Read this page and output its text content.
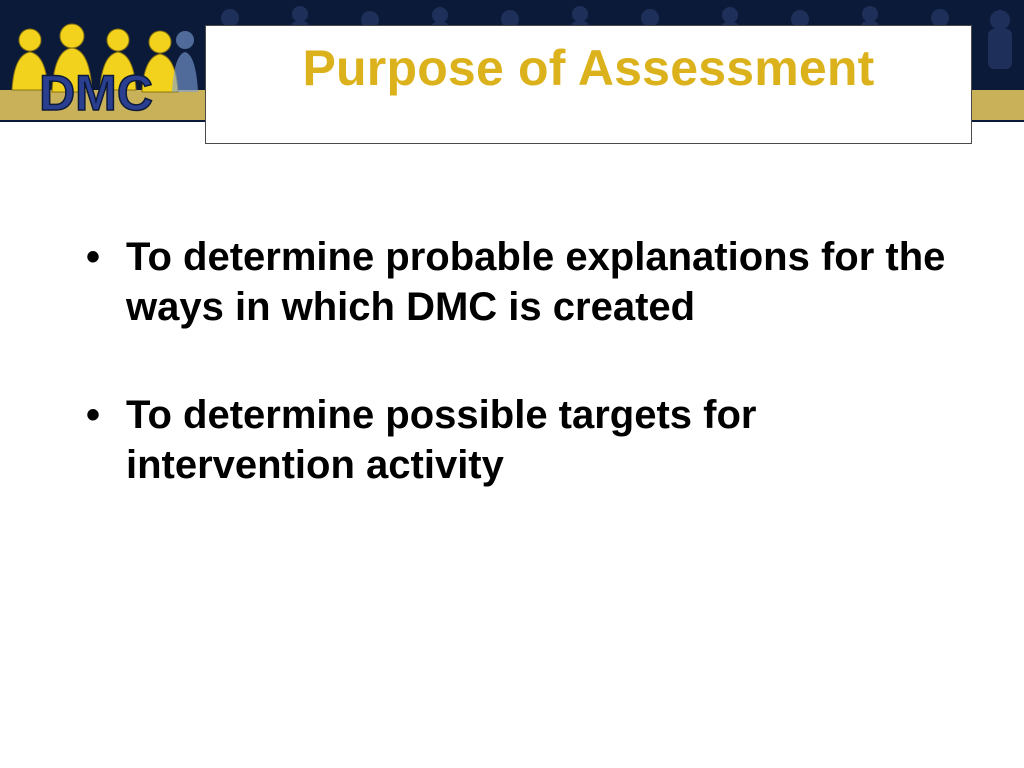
DMC	Purpose of Assessment
• To determine probable explanations for the ways in which DMC is created
• To determine possible targets for intervention activity
